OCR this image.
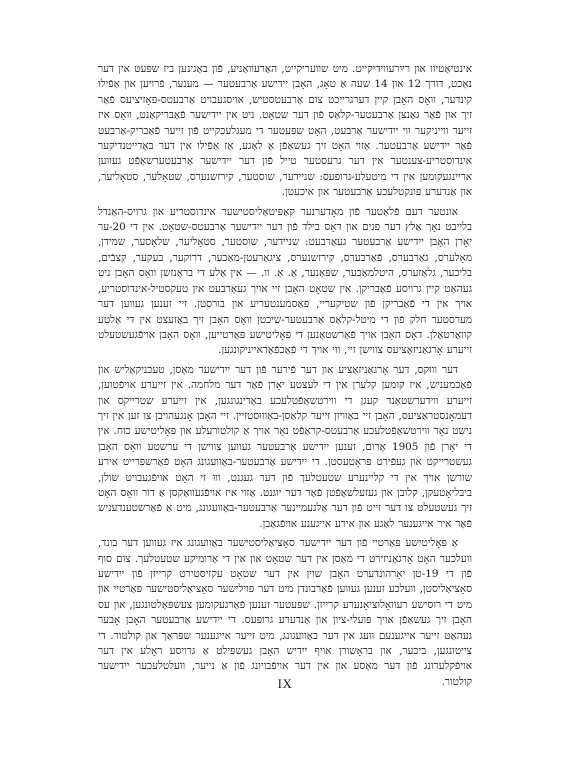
אינטיאַטיוו און רײַרעווידיקייט. מיט שוועריקייט, האַרעוואַניע, פֿון באַגינען ביז שפּעט אין דער נאַכט, דורך 12 און 14 שעה אַ טאָג, האָבן יידישע אַרבעטער — מענער, פֿרויען און אַפֿילו קינדער, וואָס האָבן קיין דערגרייכט צום אַרבעטסטיש, אויסגעבויט אַרבעטס-פּאָזיציעס פֿאַר זיך און פֿאַר גאַנצן אַרבעטער-קלאַס פֿון דער שטאָט. ניט אין ייִדישער פֿאַבריקאַנט, וואָס איז זייער ווייניקער ווי ייִדישער אַרבעט, האָט שפּעטער די מעגלעכקייט פֿון זייער פֿאַבריק-אַרבעט פֿאַר ייִדישע אַרבעטער. אַזוי האָט זיך געשאַפֿן אַ לאַגע, אַז אַפֿילו אין דער באַדייטנדיקער אינדוסטריע-צענטער אין דער גרעסטער טייל פֿון דער ייִדישער אַרבעטערשאַפֿט געווען אריינגעקומען אין די מיטעלע-גרופּעס: שניידער, שוסטער, קירזשנערס, שטאָלער, סטאָליער, און אַנדערע פּונקטלעכע אַרבעטער און איכעטן.

אונטער דעם פֿלאַטער פֿון מאָדערנער קאַפּיטאַליסטישער אינדוסטריע און גרויס-האַנדל בלייבט נאָך אַלץ דער פּנים און דאָס בילד פֿון דער ייִדישער אַרבעטס-שטאָט. אין די 20-ער יאָרן האָבן ייִדישע אַרבעטער געאַרבעט: שניידער, שוסטער, סטאָליער, שלאָסער, שמידן, מאָלערס, גאַרבערס, פֿאַרבערס, קירזשנערס, ציגאַרעטן-מאַכער, דרוקער, בעקער, קצבֿים, בליכער, גלאַזערס, היטלמאַכער, שפּאַנער, אַ. אַ. וו. — אין אַלע די בראַנזשן וואָס האָבן ניט געהאַט קיין גרויסע פֿאַבריקן. אין שטאָט האָבן זיי אויך געאַרבעט אין טעקסטיל-אינדוסטריע, אויך אין די פֿאַבריקן פֿון שטיקעריי, פּאַסמענטעריע און בורסטן. זיי זענען געווען דער מערסטער חלק פֿון די מיטל-קלאַס אַרבעטער-שיכטן וואָס האָבן זיך באַזעצט אין די אַלטע קוואַרטאַלן. דאָס האָבן אויך פֿאַרשטאַנען די פּאָליטישע פּאַרטייען, וואָס האָבן אויפֿגעשטעלט זייערע אָרגאַניזאַציעס צווישן זיי, ווי אויך די פֿאַכפֿאַראייניקונגען.

דער וווּקס, דער אָרגאַניזאַציע און דער פֿירער פֿון דער ייִדישער מאַסן, טעכניקאַליש און פֿאַכמעניש, איז קומען קלערן אין די לעצטע יאָרן פֿאַר דער מלחמה. אין זייערע אויפֿטוען, זייערע ווידערשטאַנד קעגן די ווירטשאַפֿטלעכע באַדינגונגען, אין זייערע שטרייקס און דעמאָנסטראַציעס, האָבן זיי באַוויזן זייער קלאַסן-באַוווּסטזיין. זיי האָבן אָנגעהויבן צו זען אין זיך נישט נאָר ווירטשאַפֿטלעכע אַרבעטס-קראַפֿט נאָר אויך אַ קולטורעלע און פּאָליטישע כוח. אין די יאָרן פֿון 1905 אַרום, זענען ייִדישע אַרבעטער געווען צווישן די ערשטע וואָס האָבן געשטרייקט און געפֿירט פּראָטעסטן. די ייִדישע אַרבעטער-באַוועגונג האָט פֿאַרשפּרייט אירע שורשן אויך אין די קליינערע שטעטלעך פֿון דער געגנט, וווּ זי האָט אויפֿגעבויט שולן, ביבליאָטעקן, קלובן און געזעלשאַפֿטן פֿאַר דער יוגנט. אַזוי איז אויפֿגעוואַקסן אַ דור וואָס האָט זיך געשטעלט צו דער זייט פֿון דער אַלגעמיינער אַרבעטער-באַוועגונג, מיט אַ פֿאַרשטענדעניש פֿאַר איר אייגענער לאַגע און אירע אייגענע אויפֿגאַבן.

אַ פּאָליטישע פּאַרטיי פֿון דער ייִדישער סאָציאַליסטישער באַוועגונג איז געווען דער בונד, וועלכער האָט אָרגאַניזירט די מאַסן אין דער שטאָט און אין די אַרומיקע שטעטלעך. צום סוף פֿון די 19-טן יאָרהונדערט האָבן שוין אין דער שטאָט עקזיסטירט קרייזן פֿון ייִדישע סאָציאַליסטן, וועלכע זענען געווען פֿאַרבונדן מיט דער פּוילישער סאָציאַליסטישער פּאַרטיי און מיט די רוסישע רעוואָלוציאָנערע קרייזן. שפּעטער זענען פֿאַרגעקומען צעשפּאַלטונגען, און עס האָבן זיך געשאַפֿן אויך פּועלי-ציון און אַנדערע גרופּעס. די ייִדישע אַרבעטער האָבן אָבער געהאַט זייער אייגענעם וועג אין דער באַוועגונג, מיט זייער אייגענער שפּראַך און קולטור. די צייטונגען, ביכער, און בראָשורן אויף ייִדיש האָבן געשפּילט אַ גרויסע ראָלע אין דער אויפֿקלערונג פֿון דער מאַסע און אין דער אויפֿבויונג פֿון אַ נייער, וועלטלעכער ייִדישער קולטור.

IX
